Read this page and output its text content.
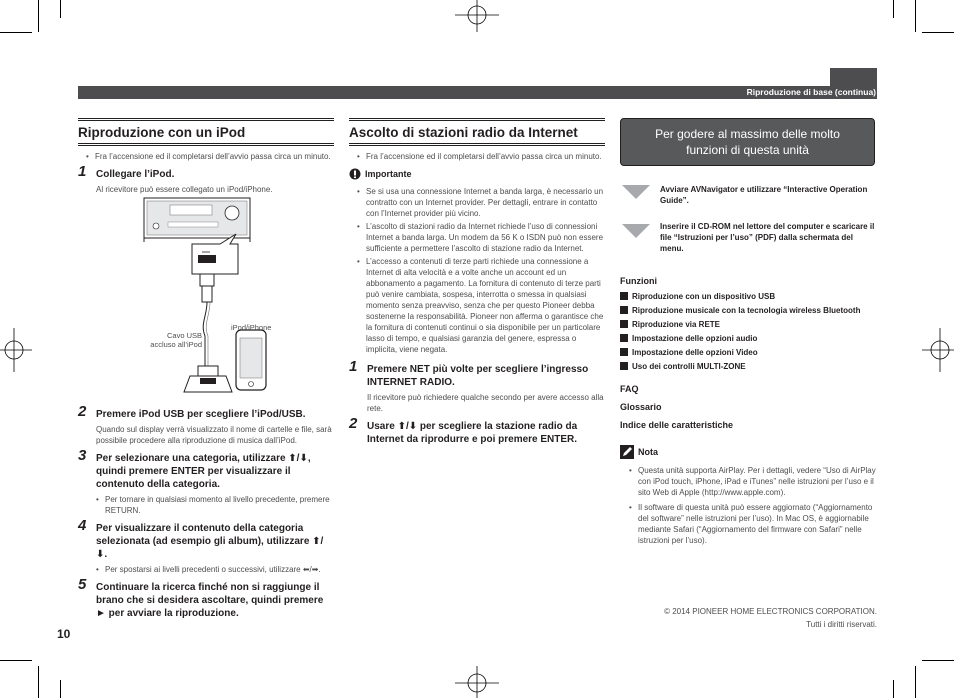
Riproduzione di base (continua)
10
Riproduzione con un iPod
• Fra l’accensione ed il completarsi dell’avvio passa circa un minuto.
1 Collegare l’iPod.
Al ricevitore può essere collegato un iPod/iPhone.
Cavo USB accluso all’iPod
iPod/iPhone
2 Premere iPod USB per scegliere l’iPod/USB.
Quando sul display verrà visualizzato il nome di cartelle e file, sarà possibile procedere alla riproduzione di musica dall’iPod.
3 Per selezionare una categoria, utilizzare ⬆/⬇, quindi premere ENTER per visualizzare il contenuto della categoria.
• Per tornare in qualsiasi momento al livello precedente, premere RETURN.
4 Per visualizzare il contenuto della categoria selezionata (ad esempio gli album), utilizzare ⬆/⬇.
• Per spostarsi ai livelli precedenti o successivi, utilizzare ⬅/➡.
5 Continuare la ricerca finché non si raggiunge il brano che si desidera ascoltare, quindi premere ► per avviare la riproduzione.
Ascolto di stazioni radio da Internet
• Fra l’accensione ed il completarsi dell’avvio passa circa un minuto.
Importante
• Se si usa una connessione Internet a banda larga, è necessario un contratto con un Internet provider. Per dettagli, entrare in contatto con l’Internet provider più vicino.
• L’ascolto di stazioni radio da Internet richiede l’uso di connessioni Internet a banda larga. Un modem da 56 K o ISDN può non essere sufficiente a permettere l’ascolto di stazione radio da Internet.
• L’accesso a contenuti di terze parti richiede una connessione a Internet di alta velocità e a volte anche un account ed un abbonamento a pagamento. La fornitura di contenuto di terze parti può venire cambiata, sospesa, interrotta o smessa in qualsiasi momento senza preavviso, senza che per questo Pioneer debba sostenerne la responsabilità. Pioneer non afferma o garantisce che la fornitura di contenuti continui o sia disponibile per un particolare lasso di tempo, e qualsiasi garanzia del genere, espressa o implicita, viene negata.
1 Premere NET più volte per scegliere l’ingresso INTERNET RADIO.
Il ricevitore può richiedere qualche secondo per avere accesso alla rete.
2 Usare ⬆/⬇ per scegliere la stazione radio da Internet da riprodurre e poi premere ENTER.
Per godere al massimo delle molto funzioni di questa unità
Avviare AVNavigator e utilizzare “Interactive Operation Guide”.
Inserire il CD-ROM nel lettore del computer e scaricare il file “Istruzioni per l’uso” (PDF) dalla schermata del menu.
Funzioni
Riproduzione con un dispositivo USB
Riproduzione musicale con la tecnologia wireless Bluetooth
Riproduzione via RETE
Impostazione delle opzioni audio
Impostazione delle opzioni Video
Uso dei controlli MULTI-ZONE
FAQ
Glossario
Indice delle caratteristiche
Nota
• Questa unità supporta AirPlay. Per i dettagli, vedere “Uso di AirPlay con iPod touch, iPhone, iPad e iTunes” nelle istruzioni per l’uso e il sito Web di Apple (http://www.apple.com).
• Il software di questa unità può essere aggiornato (“Aggiornamento del software” nelle istruzioni per l’uso). In Mac OS, è aggiornabile mediante Safari (“Aggiornamento del firmware con Safari” nelle istruzioni per l’uso).
© 2014 PIONEER HOME ELECTRONICS CORPORATION.
Tutti i diritti riservati.
